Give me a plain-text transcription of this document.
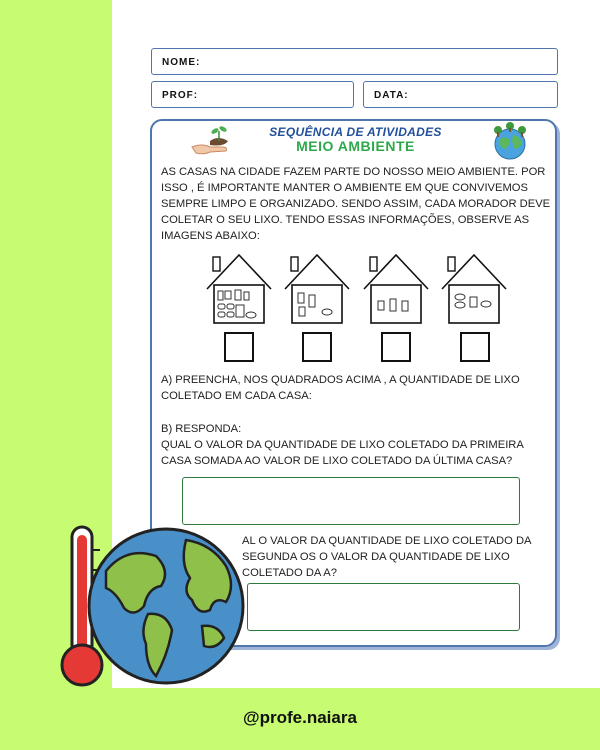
NOME:
PROF:	DATA:
SEQUÊNCIA DE ATIVIDADES
MEIO AMBIENTE
AS CASAS NA CIDADE FAZEM PARTE DO NOSSO MEIO AMBIENTE. POR ISSO , É IMPORTANTE MANTER O AMBIENTE EM QUE CONVIVEMOS SEMPRE LIMPO E ORGANIZADO. SENDO ASSIM, CADA MORADOR DEVE COLETAR O SEU LIXO. TENDO ESSAS INFORMAÇÕES, OBSERVE AS IMAGENS ABAIXO:
A) PREENCHA, NOS QUADRADOS ACIMA , A QUANTIDADE DE LIXO COLETADO EM CADA CASA:
B) RESPONDA:
QUAL O VALOR DA QUANTIDADE DE LIXO COLETADO DA PRIMEIRA CASA SOMADA AO VALOR DE LIXO COLETADO DA ÚLTIMA CASA?
AL O VALOR DA QUANTIDADE DE LIXO COLETADO DA SEGUNDA OS O VALOR DA QUANTIDADE DE LIXO COLETADO DA A?
@profe.naiara
